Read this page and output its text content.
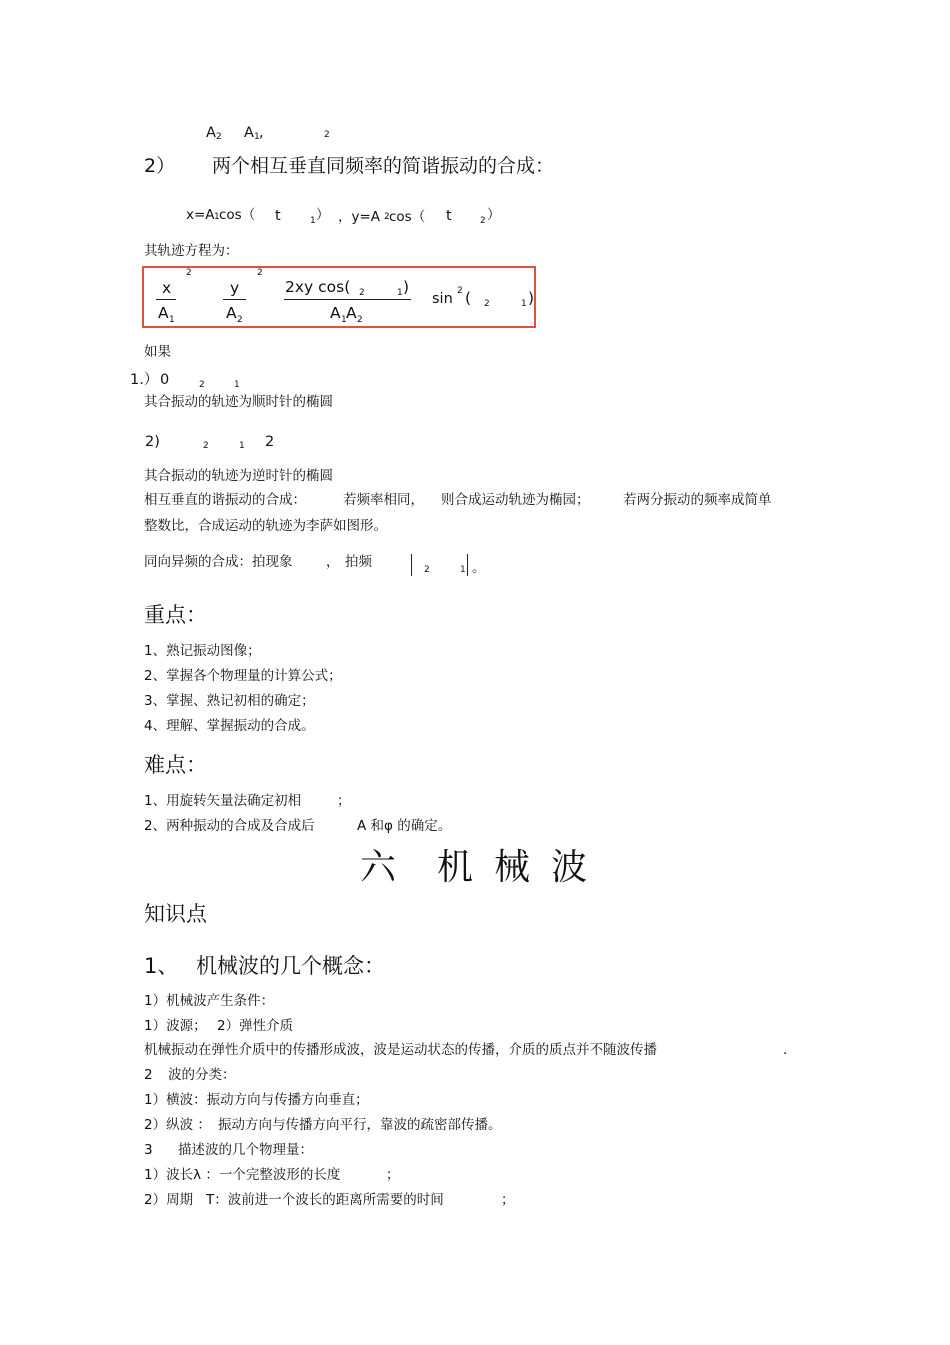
A 2 A 1 ,	2
2） 两个相互垂直同频率的简谐振动的合成：
x=A 1 cos（ t	1 ） ，y=A 2 cos（ t	2 ）
其轨迹方程为：
2
x
A 1
2
y
A 2
2xy cos( 2	1 )
A 1 A 2
sin 2 ( 2	1 )
如果
1.） 0	2	1
其合振动的轨迹为顺时针的椭圆
2)	2	1 2
其合振动的轨迹为逆时针的椭圆
相互垂直的谐振动的合成：	若频率相同， 则合成运动轨迹为椭园； 若两分振动的频率成简单
整数比，合成运动的轨迹为李萨如图形。
同向异频的合成：拍现象 ， 拍频	2	1 。
重点：
1、熟记振动图像；
2、掌握各个物理量的计算公式；
3、掌握、熟记初相的确定；
4、理解、掌握振动的合成。
难点：
1、用旋转矢量法确定初相	；
2、两种振动的合成及合成后	A 和φ 的确定。
六 机 械 波
知识点
1、 机械波的几个概念：
1）机械波产生条件：
1）波源； 2）弹性介质
机械振动在弹性介质中的传播形成波，波是运动状态的传播，介质的质点并不随波传播	.
2 波的分类：
1）横波：振动方向与传播方向垂直；
2）纵波 ： 振动方向与传播方向平行，靠波的疏密部传播。
3 描述波的几个物理量：
1）波长λ ：一个完整波形的长度	；
2）周期 T：波前进一个波长的距离所需要的时间	；
